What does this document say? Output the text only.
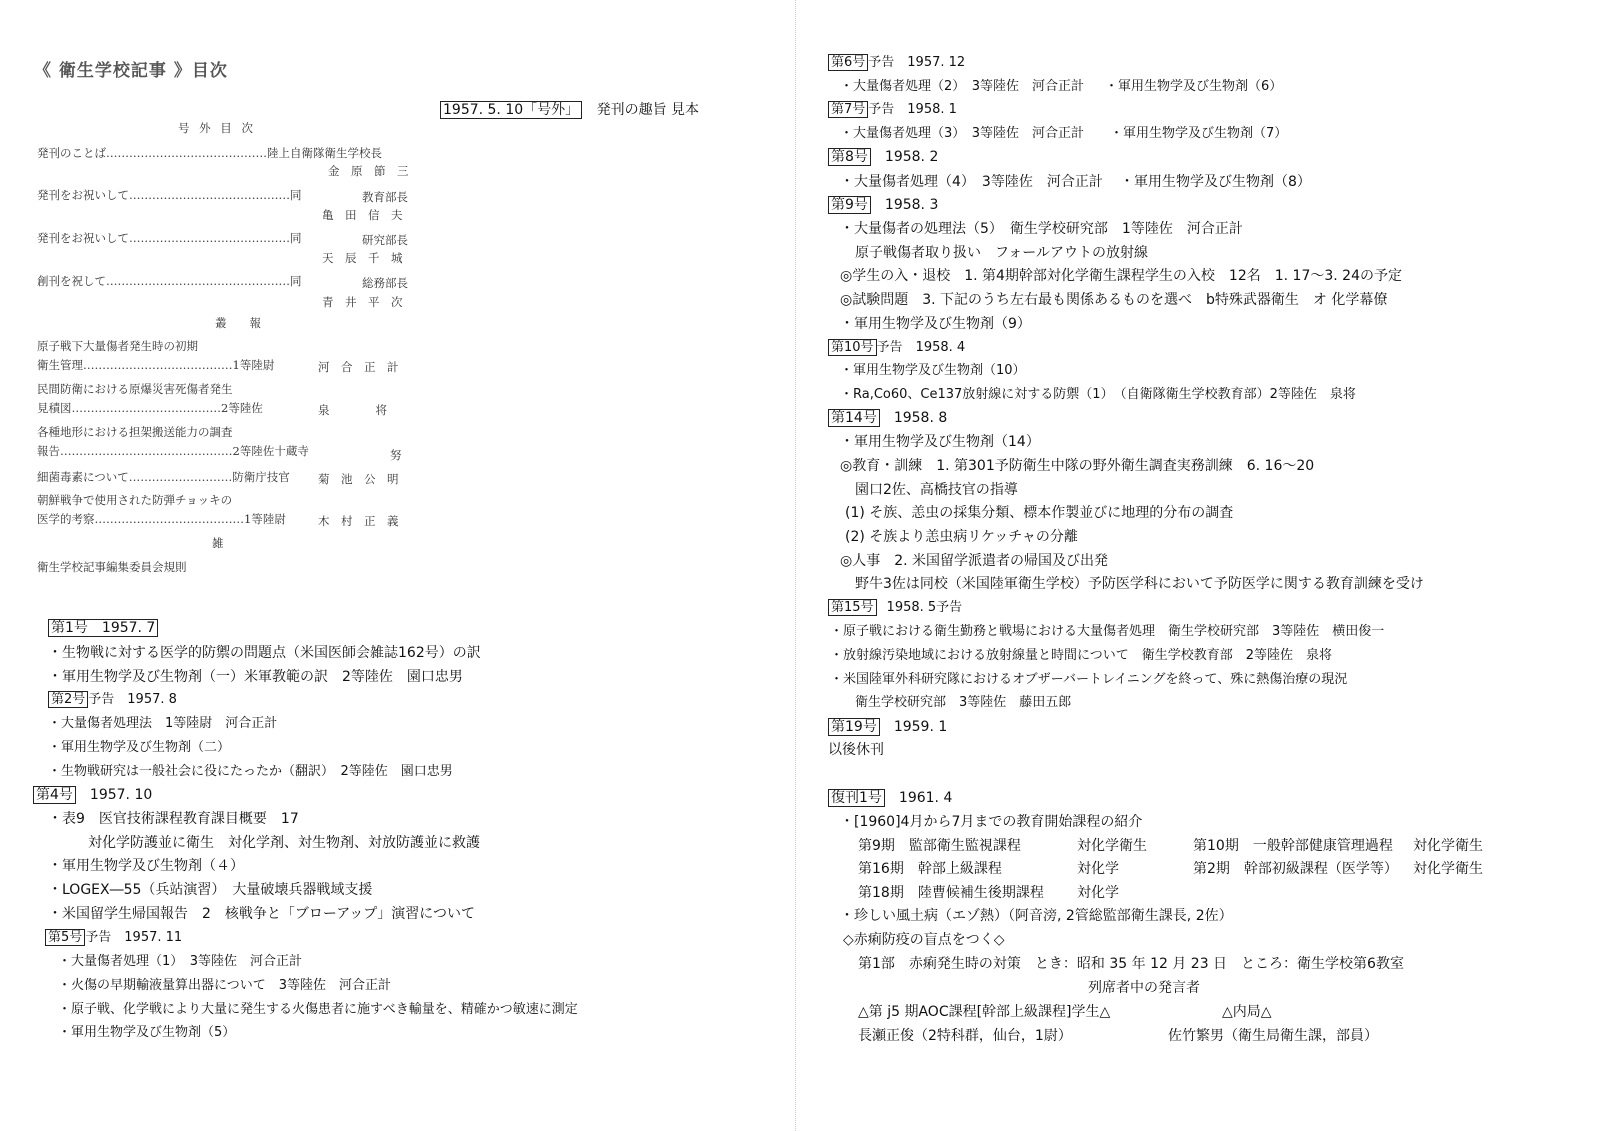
《 衛生学校記事 》目次
1957. 5. 10「号外」 発刊の趣旨 見本
号 外 目 次
発刊のことば……………………………………陸上自衛隊衛生学校長
金　原　節　三
発刊をお祝いして……………………………………同	教育部長
亀　田　信　夫
発刊をお祝いして……………………………………同	研究部長
天　辰　千　城
創刊を祝して…………………………………………同	総務部長
青　井　平　次
叢　　報
原子戦下大量傷者発生時の初期
衛生管理…………………………………1等陸尉	河　合　正　計
民間防衛における原爆災害死傷者発生
見積図…………………………………2等陸佐	泉　　　　将
各種地形における担架搬送能力の調査
報告………………………………………2等陸佐十蔵寺	努
細菌毒素について………………………防衛庁技官 菊　池　公　明
朝鮮戦争で使用された防弾チョッキの
医学的考察…………………………………1等陸尉	木　村　正　義
雑
衛生学校記事編集委員会規則
第1号　1957. 7
・生物戦に対する医学的防禦の問題点（米国医師会雑誌162号）の訳
・軍用生物学及び生物剤（一）米軍教範の訳　2等陸佐　園口忠男
第2号 予告　1957. 8
・大量傷者処理法　1等陸尉　河合正計
・軍用生物学及び生物剤（二）
・生物戦研究は一般社会に役にたったか（翻訳）　2等陸佐　園口忠男
第4号 1957. 10
・表9　医官技術課程教育課目概要　17
対化学防護並に衛生　対化学剤、対生物剤、対放防護並に救護
・軍用生物学及び生物剤（４）
・LOGEX―55（兵站演習）　大量破壊兵器戦域支援
・米国留学生帰国報告　2　核戦争と「ブローアップ」演習について
第5号 予告　1957. 11
・大量傷者処理（1）　3等陸佐　河合正計
・火傷の早期輸液量算出器について　3等陸佐　河合正計
・原子戦、化学戦により大量に発生する火傷患者に施すべき輸量を、精確かつ敏速に測定
・軍用生物学及び生物剤（5）
第6号 予告　1957. 12
・大量傷者処理（2）　3等陸佐　河合正計 ・軍用生物学及び生物剤（6）
第7号 予告　1958. 1
・大量傷者処理（3）　3等陸佐　河合正計 ・軍用生物学及び生物剤（7）
第8号 1958. 2
・大量傷者処理（4）　3等陸佐　河合正計 ・軍用生物学及び生物剤（8）
第9号 1958. 3
・大量傷者の処理法（5）　衛生学校研究部　1等陸佐　河合正計
原子戦傷者取り扱い　フォールアウトの放射線
◎学生の入・退校　1. 第4期幹部対化学衛生課程学生の入校　12名　1. 17～3. 24の予定
◎試験問題　3. 下記のうち左右最も関係あるものを選べ　b特殊武器衛生　オ 化学幕僚
・軍用生物学及び生物剤（9）
第10号 予告　1958. 4
・軍用生物学及び生物剤（10）
・Ra,Co60、Ce137放射線に対する防禦（1）　（自衛隊衛生学校教育部）2等陸佐　泉将
第14号 1958. 8
・軍用生物学及び生物剤（14）
◎教育・訓練　1. 第301予防衛生中隊の野外衛生調査実務訓練　6. 16～20
園口2佐、高橋技官の指導
(1) そ族、恙虫の採集分類、標本作製並びに地理的分布の調査
(2) そ族より恙虫病リケッチャの分離
◎人事　2. 米国留学派遣者の帰国及び出発
野牛3佐は同校（米国陸軍衛生学校）予防医学科において予防医学に関する教育訓練を受け
第15号 1958. 5予告
・原子戦における衛生勤務と戦場における大量傷者処理　衛生学校研究部　3等陸佐　横田俊一
・放射線汚染地域における放射線量と時間について　衛生学校教育部　2等陸佐　泉将
・米国陸軍外科研究隊におけるオブザーバートレイニングを終って、殊に熱傷治療の現況
衛生学校研究部　3等陸佐　藤田五郎
第19号 1959. 1
以後休刊
復刊1号 1961. 4
・[1960]4月から7月までの教育開始課程の紹介
第9期　監部衛生監視課程	対化学衛生	第10期　一般幹部健康管理過程 対化学衛生
第16期　幹部上級課程	対化学	第2期　幹部初級課程（医学等） 対化学衛生
第18期　陸曹候補生後期課程 対化学
・珍しい風土病（エゾ熱）（阿音滂, 2管総監部衛生課長, 2佐）
◇赤痢防疫の盲点をつく◇
第1部　赤痢発生時の対策　とき：昭和 35 年 12 月 23 日　ところ：衛生学校第6教室
列席者中の発言者
△第 j5 期AOC課程[幹部上級課程]学生△	△内局△
長瀬正俊（2特科群，仙台，1尉）	佐竹繁男（衛生局衛生課，部員）
